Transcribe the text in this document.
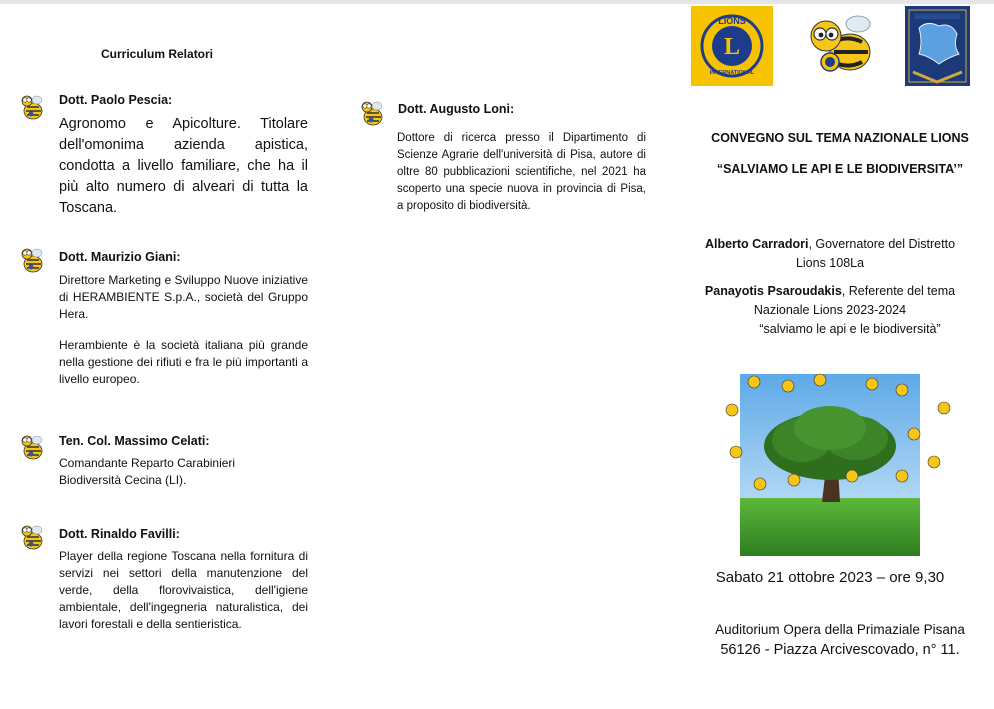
Curriculum Relatori
Dott. Paolo Pescia:
Agronomo e Apicolture. Titolare dell'omonima azienda apistica, condotta a livello familiare, che ha il più alto numero di alveari di tutta la Toscana.
Dott. Maurizio Giani:
Direttore Marketing e Sviluppo Nuove iniziative di HERAMBIENTE S.p.A., società del Gruppo Hera.
Herambiente è la società italiana più grande nella gestione dei rifiuti e fra le più importanti a livello europeo.
Ten. Col. Massimo Celati:
Comandante Reparto Carabinieri Biodiversità Cecina (LI).
Dott. Rinaldo Favilli:
Player della regione Toscana nella fornitura di servizi nei settori della manutenzione del verde, della florovivaistica, dell'igiene ambientale, dell'ingegneria naturalistica, dei lavori forestali e della sentieristica.
Dott. Augusto Loni:
Dottore di ricerca presso il Dipartimento di Scienze Agrarie dell'università di Pisa, autore di oltre 80 pubblicazioni scientifiche, nel 2021 ha scoperto una specie nuova in provincia di Pisa, a proposito di biodiversità.
L
LIONS
INTERNATIONAL
CONVEGNO SUL TEMA NAZIONALE LIONS
“SALVIAMO LE API E LE BIODIVERSITA’”
Alberto Carradori, Governatore del Distretto
Lions 108La
Panayotis Psaroudakis, Referente del tema
Nazionale Lions 2023-2024
“salviamo le api e le biodiversità”
Sabato 21 ottobre 2023 – ore 9,30
Auditorium Opera della Primaziale Pisana
56126 - Piazza Arcivescovado, n° 11.
